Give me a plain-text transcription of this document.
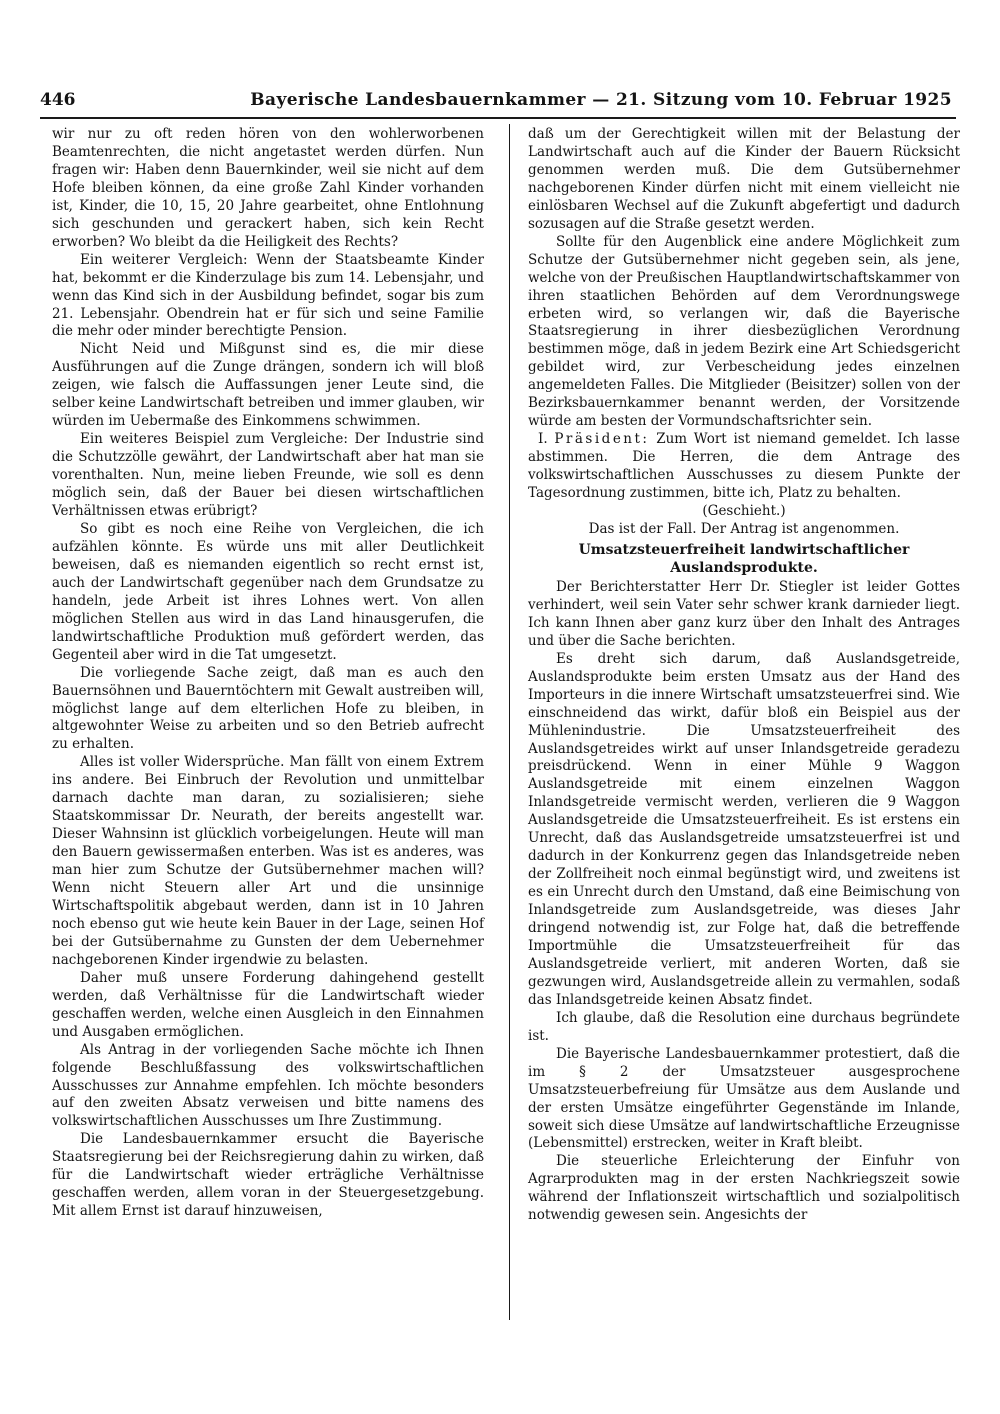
446	Bayerische Landesbauernkammer — 21. Sitzung vom 10. Februar 1925

wir nur zu oft reden hören von den wohlerworbenen Beamtenrechten, die nicht angetastet werden dürfen. Nun fragen wir: Haben denn Bauernkinder, weil sie nicht auf dem Hofe bleiben können, da eine große Zahl Kinder vorhanden ist, Kinder, die 10, 15, 20 Jahre gearbeitet, ohne Entlohnung sich geschunden und gerackert haben, sich kein Recht erworben? Wo bleibt da die Heiligkeit des Rechts?

Ein weiterer Vergleich: Wenn der Staatsbeamte Kinder hat, bekommt er die Kinderzulage bis zum 14. Lebensjahr, und wenn das Kind sich in der Ausbildung befindet, sogar bis zum 21. Lebensjahr. Obendrein hat er für sich und seine Familie die mehr oder minder berechtigte Pension.

Nicht Neid und Mißgunst sind es, die mir diese Ausführungen auf die Zunge drängen, sondern ich will bloß zeigen, wie falsch die Auffassungen jener Leute sind, die selber keine Landwirtschaft betreiben und immer glauben, wir würden im Uebermaße des Einkommens schwimmen.

Ein weiteres Beispiel zum Vergleiche: Der Industrie sind die Schutzzölle gewährt, der Landwirtschaft aber hat man sie vorenthalten. Nun, meine lieben Freunde, wie soll es denn möglich sein, daß der Bauer bei diesen wirtschaftlichen Verhältnissen etwas erübrigt?

So gibt es noch eine Reihe von Vergleichen, die ich aufzählen könnte. Es würde uns mit aller Deutlichkeit beweisen, daß es niemanden eigentlich so recht ernst ist, auch der Landwirtschaft gegenüber nach dem Grundsatze zu handeln, jede Arbeit ist ihres Lohnes wert. Von allen möglichen Stellen aus wird in das Land hinausgerufen, die landwirtschaftliche Produktion muß gefördert werden, das Gegenteil aber wird in die Tat umgesetzt.

Die vorliegende Sache zeigt, daß man es auch den Bauernsöhnen und Bauerntöchtern mit Gewalt austreiben will, möglichst lange auf dem elterlichen Hofe zu bleiben, in altgewohnter Weise zu arbeiten und so den Betrieb aufrecht zu erhalten.

Alles ist voller Widersprüche. Man fällt von einem Extrem ins andere. Bei Einbruch der Revolution und unmittelbar darnach dachte man daran, zu sozialisieren; siehe Staatskommissar Dr. Neurath, der bereits angestellt war. Dieser Wahnsinn ist glücklich vorbeigelungen. Heute will man den Bauern gewissermaßen enterben. Was ist es anderes, was man hier zum Schutze der Gutsübernehmer machen will? Wenn nicht Steuern aller Art und die unsinnige Wirtschaftspolitik abgebaut werden, dann ist in 10 Jahren noch ebenso gut wie heute kein Bauer in der Lage, seinen Hof bei der Gutsübernahme zu Gunsten der dem Uebernehmer nachgeborenen Kinder irgendwie zu belasten.

Daher muß unsere Forderung dahingehend gestellt werden, daß Verhältnisse für die Landwirtschaft wieder geschaffen werden, welche einen Ausgleich in den Einnahmen und Ausgaben ermöglichen.

Als Antrag in der vorliegenden Sache möchte ich Ihnen folgende Beschlußfassung des volkswirtschaftlichen Ausschusses zur Annahme empfehlen. Ich möchte besonders auf den zweiten Absatz verweisen und bitte namens des volkswirtschaftlichen Ausschusses um Ihre Zustimmung.

Die Landesbauernkammer ersucht die Bayerische Staatsregierung bei der Reichsregierung dahin zu wirken, daß für die Landwirtschaft wieder erträgliche Verhältnisse geschaffen werden, allem voran in der Steuergesetzgebung. Mit allem Ernst ist darauf hinzuweisen,

daß um der Gerechtigkeit willen mit der Belastung der Landwirtschaft auch auf die Kinder der Bauern Rücksicht genommen werden muß. Die dem Gutsübernehmer nachgeborenen Kinder dürfen nicht mit einem vielleicht nie einlösbaren Wechsel auf die Zukunft abgefertigt und dadurch sozusagen auf die Straße gesetzt werden.

Sollte für den Augenblick eine andere Möglichkeit zum Schutze der Gutsübernehmer nicht gegeben sein, als jene, welche von der Preußischen Hauptlandwirtschaftskammer von ihren staatlichen Behörden auf dem Verordnungswege erbeten wird, so verlangen wir, daß die Bayerische Staatsregierung in ihrer diesbezüglichen Verordnung bestimmen möge, daß in jedem Bezirk eine Art Schiedsgericht gebildet wird, zur Verbescheidung jedes einzelnen angemeldeten Falles. Die Mitglieder (Beisitzer) sollen von der Bezirksbauernkammer benannt werden, der Vorsitzende würde am besten der Vormundschaftsrichter sein.

I. Präsident: Zum Wort ist niemand gemeldet. Ich lasse abstimmen. Die Herren, die dem Antrage des volkswirtschaftlichen Ausschusses zu diesem Punkte der Tagesordnung zustimmen, bitte ich, Platz zu behalten.

(Geschieht.)

Das ist der Fall. Der Antrag ist angenommen.

Umsatzsteuerfreiheit landwirtschaftlicher Auslandsprodukte.

Der Berichterstatter Herr Dr. Stiegler ist leider Gottes verhindert, weil sein Vater sehr schwer krank darnieder liegt. Ich kann Ihnen aber ganz kurz über den Inhalt des Antrages und über die Sache berichten.

Es dreht sich darum, daß Auslandsgetreide, Auslandsprodukte beim ersten Umsatz aus der Hand des Importeurs in die innere Wirtschaft umsatzsteuerfrei sind. Wie einschneidend das wirkt, dafür bloß ein Beispiel aus der Mühlenindustrie. Die Umsatzsteuerfreiheit des Auslandsgetreides wirkt auf unser Inlandsgetreide geradezu preisdrückend. Wenn in einer Mühle 9 Waggon Auslandsgetreide mit einem einzelnen Waggon Inlandsgetreide vermischt werden, verlieren die 9 Waggon Auslandsgetreide die Umsatzsteuerfreiheit. Es ist erstens ein Unrecht, daß das Auslandsgetreide umsatzsteuerfrei ist und dadurch in der Konkurrenz gegen das Inlandsgetreide neben der Zollfreiheit noch einmal begünstigt wird, und zweitens ist es ein Unrecht durch den Umstand, daß eine Beimischung von Inlandsgetreide zum Auslandsgetreide, was dieses Jahr dringend notwendig ist, zur Folge hat, daß die betreffende Importmühle die Umsatzsteuerfreiheit für das Auslandsgetreide verliert, mit anderen Worten, daß sie gezwungen wird, Auslandsgetreide allein zu vermahlen, sodaß das Inlandsgetreide keinen Absatz findet.

Ich glaube, daß die Resolution eine durchaus begründete ist.

Die Bayerische Landesbauernkammer protestiert, daß die im § 2 der Umsatzsteuer ausgesprochene Umsatzsteuerbefreiung für Umsätze aus dem Auslande und der ersten Umsätze eingeführter Gegenstände im Inlande, soweit sich diese Umsätze auf landwirtschaftliche Erzeugnisse (Lebensmittel) erstrecken, weiter in Kraft bleibt.

Die steuerliche Erleichterung der Einfuhr von Agrarprodukten mag in der ersten Nachkriegszeit sowie während der Inflationszeit wirtschaftlich und sozialpolitisch notwendig gewesen sein. Angesichts der
